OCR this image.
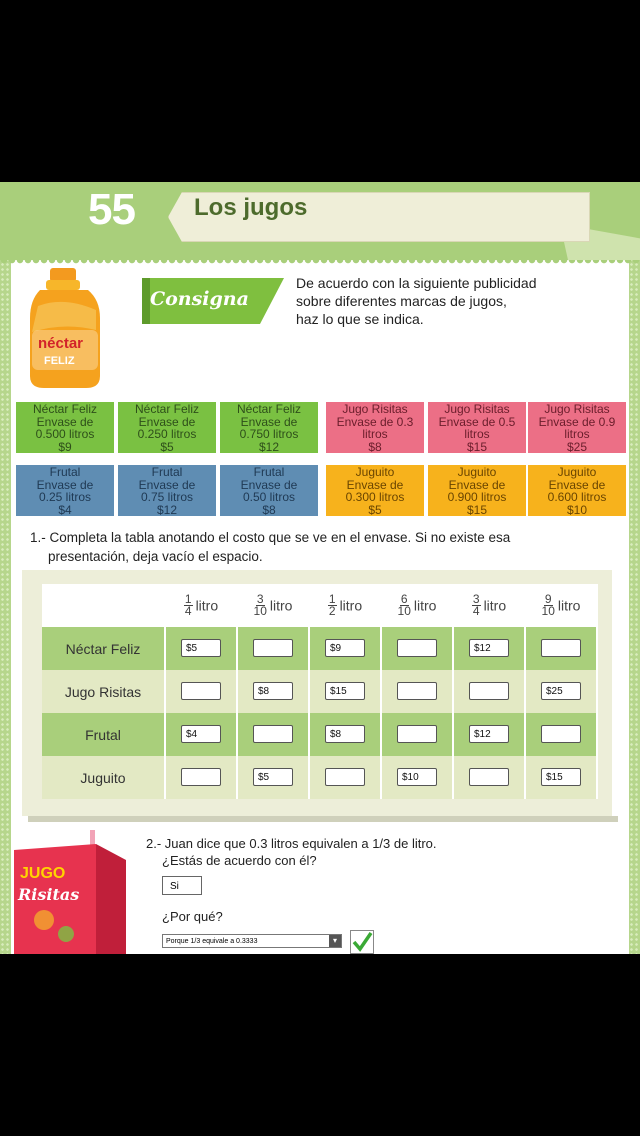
55 Los jugos
néctar
FELIZ
Consigna
De acuerdo con la siguiente publicidad
sobre diferentes marcas de jugos,
haz lo que se indica.
Néctar Feliz
Envase de
0.500 litros
$9
Néctar Feliz
Envase de
0.250 litros
$5
Néctar Feliz
Envase de
0.750 litros
$12
Jugo Risitas
Envase de 0.3
litros
$8
Jugo Risitas
Envase de 0.5
litros
$15
Jugo Risitas
Envase de 0.9
litros
$25
Frutal
Envase de
0.25 litros
$4
Frutal
Envase de
0.75 litros
$12
Frutal
Envase de
0.50 litros
$8
Juguito
Envase de
0.300 litros
$5
Juguito
Envase de
0.900 litros
$15
Juguito
Envase de
0.600 litros
$10
1.- Completa la tabla anotando el costo que se ve en el envase. Si no existe esa
presentación, deja vacío el espacio.

	$\frac{1}{4}$ litro	$\frac{3}{10}$ litro	$\frac{1}{2}$ litro	$\frac{6}{10}$ litro	$\frac{3}{4}$ litro	$\frac{9}{10}$ litro
Néctar Feliz	$5		$9		$12	
Jugo Risitas		$8	$15			$25
Frutal	$4		$8		$12	
Juguito		$5		$10		$15
JUGO
Risitas
2.- Juan dice que 0.3 litros equivalen a 1/3 de litro.
¿Estás de acuerdo con él?
Si
¿Por qué?
Porque 1/3 equivale a 0.3333	▾
